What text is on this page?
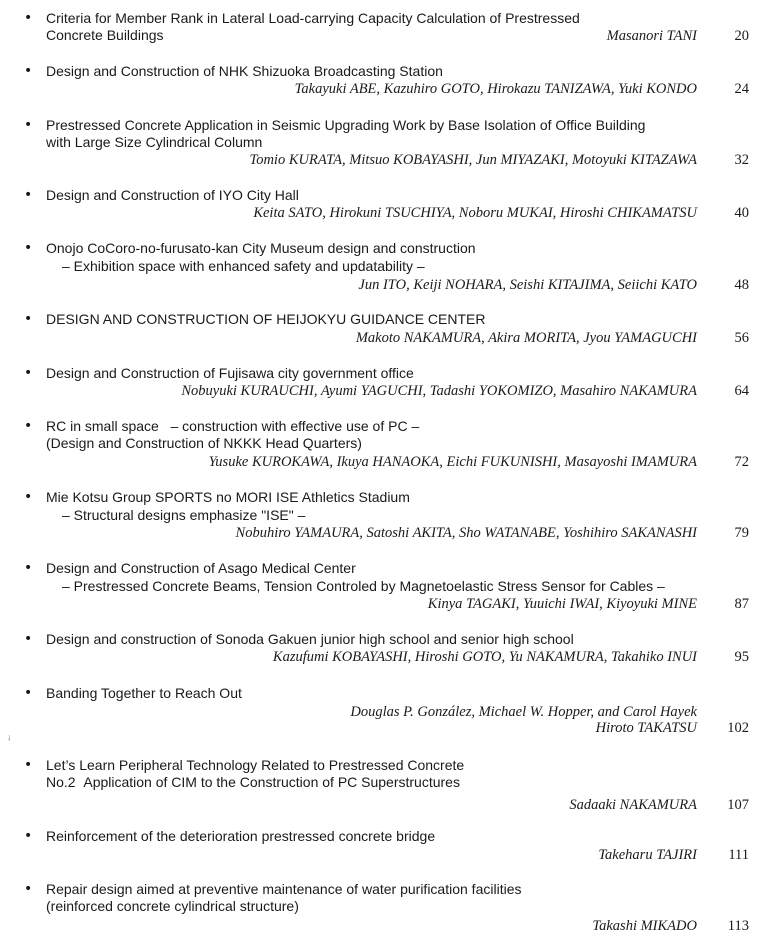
• Criteria for Member Rank in Lateral Load-carrying Capacity Calculation of Prestressed
Concrete Buildings	Masanori TANI	20
• Design and Construction of NHK Shizuoka Broadcasting Station
Takayuki ABE, Kazuhiro GOTO, Hirokazu TANIZAWA, Yuki KONDO	24
• Prestressed Concrete Application in Seismic Upgrading Work by Base Isolation of Office Building
with Large Size Cylindrical Column
Tomio KURATA, Mitsuo KOBAYASHI, Jun MIYAZAKI, Motoyuki KITAZAWA	32
• Design and Construction of IYO City Hall
Keita SATO, Hirokuni TSUCHIYA, Noboru MUKAI, Hiroshi CHIKAMATSU	40
• Onojo CoCoro-no-furusato-kan City Museum design and construction
– Exhibition space with enhanced safety and updatability –
Jun ITO, Keiji NOHARA, Seishi KITAJIMA, Seiichi KATO	48
• DESIGN AND CONSTRUCTION OF HEIJOKYU GUIDANCE CENTER
Makoto NAKAMURA, Akira MORITA, Jyou YAMAGUCHI	56
• Design and Construction of Fujisawa city government office
Nobuyuki KURAUCHI, Ayumi YAGUCHI, Tadashi YOKOMIZO, Masahiro NAKAMURA	64
• RC in small space   – construction with effective use of PC –
(Design and Construction of NKKK Head Quarters)
Yusuke KUROKAWA, Ikuya HANAOKA, Eichi FUKUNISHI, Masayoshi IMAMURA	72
• Mie Kotsu Group SPORTS no MORI ISE Athletics Stadium
– Structural designs emphasize "ISE" –
Nobuhiro YAMAURA, Satoshi AKITA, Sho WATANABE, Yoshihiro SAKANASHI	79
• Design and Construction of Asago Medical Center
– Prestressed Concrete Beams, Tension Controled by Magnetoelastic Stress Sensor for Cables –
Kinya TAGAKI, Yuuichi IWAI, Kiyoyuki MINE	87
• Design and construction of Sonoda Gakuen junior high school and senior high school
Kazufumi KOBAYASHI, Hiroshi GOTO, Yu NAKAMURA, Takahiko INUI	95
• Banding Together to Reach Out
Douglas P. González, Michael W. Hopper, and Carol Hayek
Hiroto TAKATSU	102
• Let’s Learn Peripheral Technology Related to Prestressed Concrete
No.2  Application of CIM to the Construction of PC Superstructures
Sadaaki NAKAMURA	107
• Reinforcement of the deterioration prestressed concrete bridge
Takeharu TAJIRI	111
• Repair design aimed at preventive maintenance of water purification facilities
(reinforced concrete cylindrical structure)
Takashi MIKADO	113
¡
